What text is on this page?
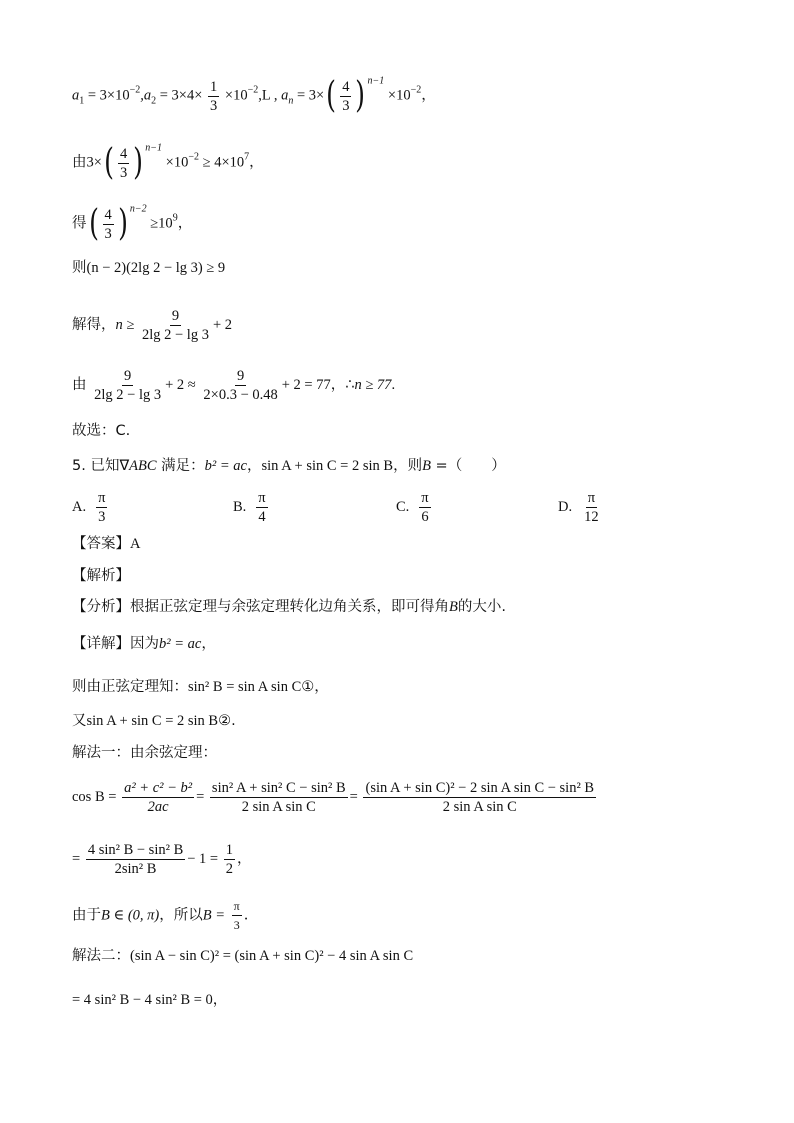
$a_1 = 3\times 10^{-2},a_2 = 3\times 4\times \frac{1}{3} \times 10^{-2},L$ , $a_n = 3\times( \frac{4}{3}$ ) $^{n-1} \times 10^{-2}$，
由$3\times( \frac{4}{3}$ ) $^{n-1} \times 10^{-2} \ge 4\times 10^7$，
得( $\frac{4}{3}$ ) $^{n-2} \ge 10^9$，
则(n − 2)(2lg 2 − lg 3) ≥ 9
解得，$n \ge \frac{9}{2\lg 2 - \lg 3} + 2$
由 $\frac{9}{2\lg 2 - \lg 3} + 2 \approx \frac{9}{2\times 0.3 - 0.48} + 2 = 77$，∴n ≥ 77.
故选：C.
5. 已知∇ABC 满足：b² = ac，sin A + sin C = 2 sin B，则B =（　　）
A. $\frac{\pi}{3}$	B. $\frac{\pi}{4}$	C. $\frac{\pi}{6}$	D. $\frac{\pi}{12}$
【答案】A
【解析】
【分析】根据正弦定理与余弦定理转化边角关系，即可得角B的大小.
【详解】因为b² = ac，
则由正弦定理知：sin² B = sin A sin C①，
又sin A + sin C = 2 sin B②.
解法一：由余弦定理：
$\cos B = \frac{\text{a² + c² − b²}}{2ac} = \frac{\text{sin² A + sin² C − sin² B}}{\text{2 sin A sin C}} = \frac{\text{(sin A + sin C)² − 2 sin A sin C − sin² B}}{\text{2 sin A sin C}}$
= $\frac{\text{4 sin² B − sin² B}}{\text{2sin² B}} - 1 = \frac{1}{2}$ ，
由于B ∈ (0, π)，所以$B = \frac{\pi}{3}$ .
解法二：(sin A − sin C)² = (sin A + sin C)² − 4 sin A sin C
= 4 sin² B − 4 sin² B = 0，
